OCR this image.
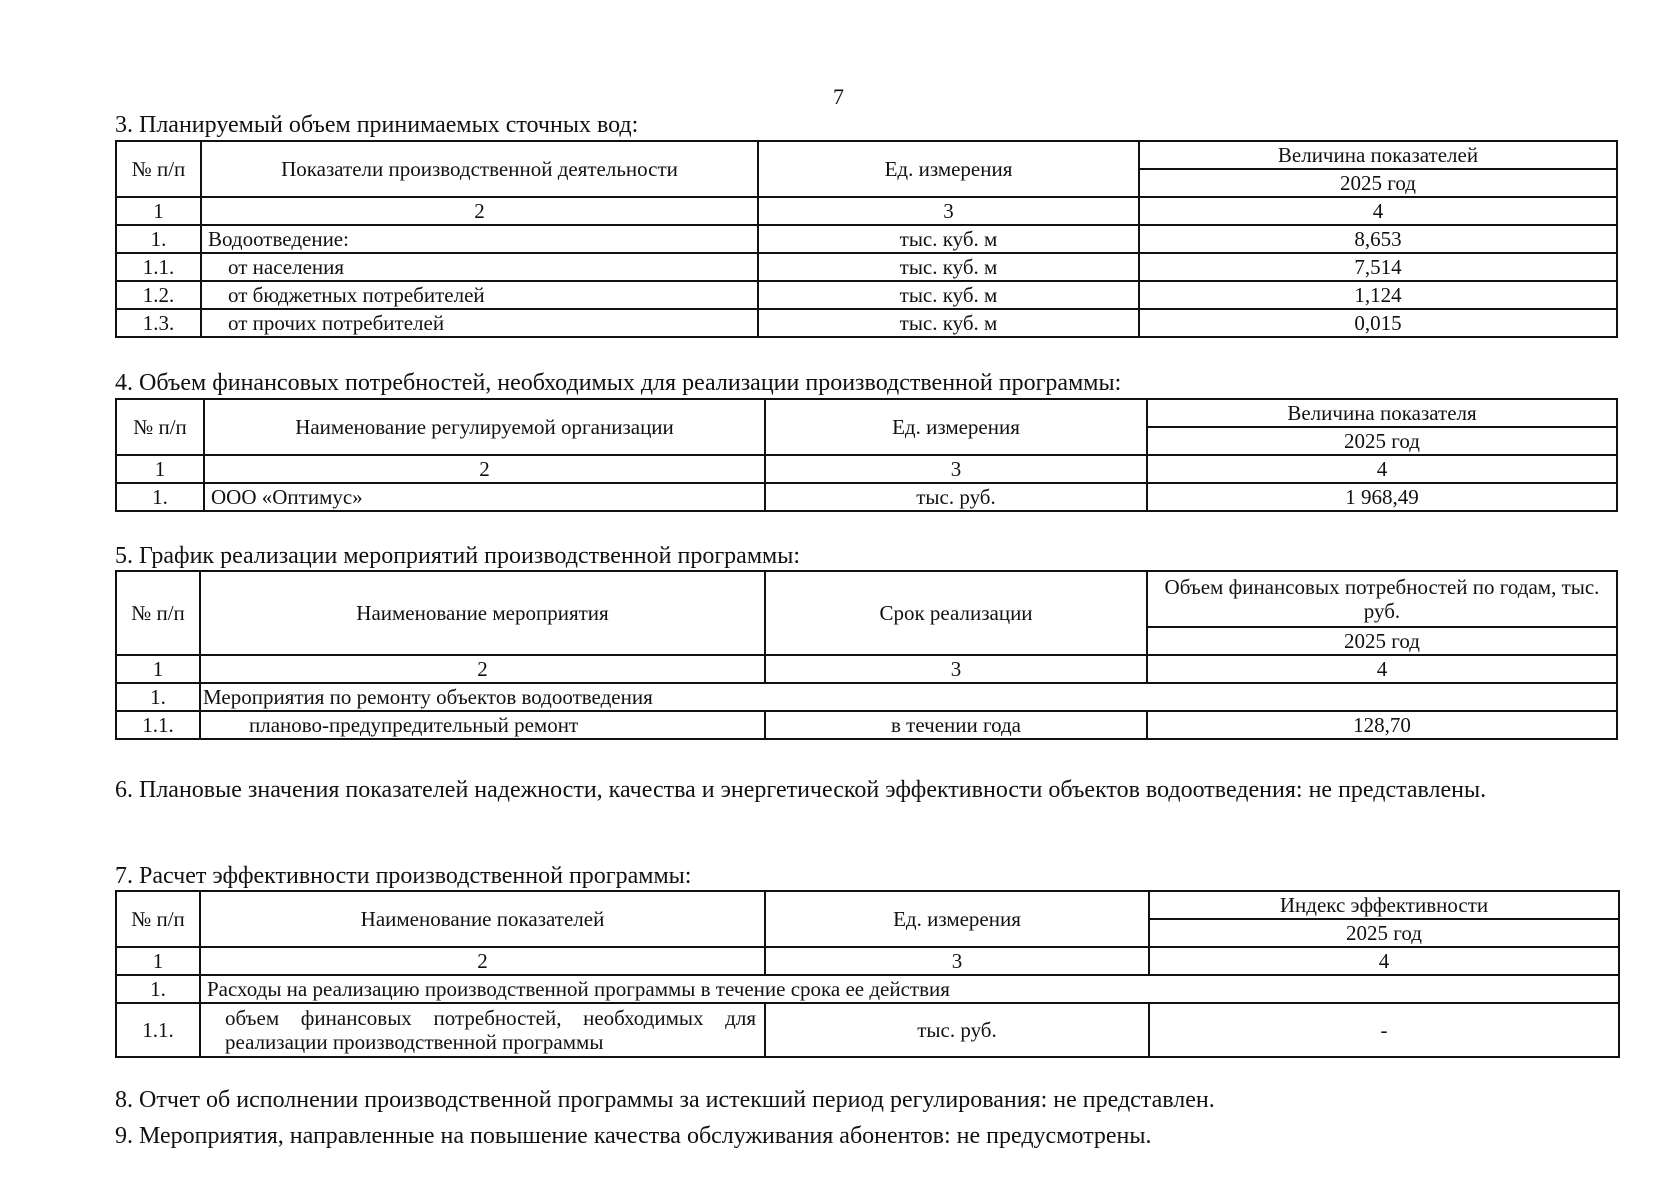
7
3. Планируемый объем принимаемых сточных вод:
№ п/п	Показатели производственной деятельности	Ед. измерения	Величина показателей
			2025 год
1	2	3	4
1.	Водоотведение:	тыс. куб. м	8,653
1.1.	от населения	тыс. куб. м	7,514
1.2.	от бюджетных потребителей	тыс. куб. м	1,124
1.3.	от прочих потребителей	тыс. куб. м	0,015
4. Объем финансовых потребностей, необходимых для реализации производственной программы:
№ п/п	Наименование регулируемой организации	Ед. измерения	Величина показателя
			2025 год
1	2	3	4
1.	ООО «Оптимус»	тыс. руб.	1 968,49
5. График реализации мероприятий производственной программы:
№ п/п	Наименование мероприятия	Срок реализации	Объем финансовых потребностей по годам, тыс. руб.
			2025 год
1	2	3	4
1.	Мероприятия по ремонту объектов водоотведения		
1.1.	планово-предупредительный ремонт	в течении года	128,70
6. Плановые значения показателей надежности, качества и энергетической эффективности объектов водоотведения: не представлены.
7. Расчет эффективности производственной программы:
№ п/п	Наименование показателей	Ед. измерения	Индекс эффективности
			2025 год
1	2	3	4
1.	Расходы на реализацию производственной программы в течение срока ее действия		
1.1.	объем финансовых потребностей, необходимых для реализации производственной программы	тыс. руб.	-
8. Отчет об исполнении производственной программы за истекший период регулирования: не представлен.
9. Мероприятия, направленные на повышение качества обслуживания абонентов: не предусмотрены.
